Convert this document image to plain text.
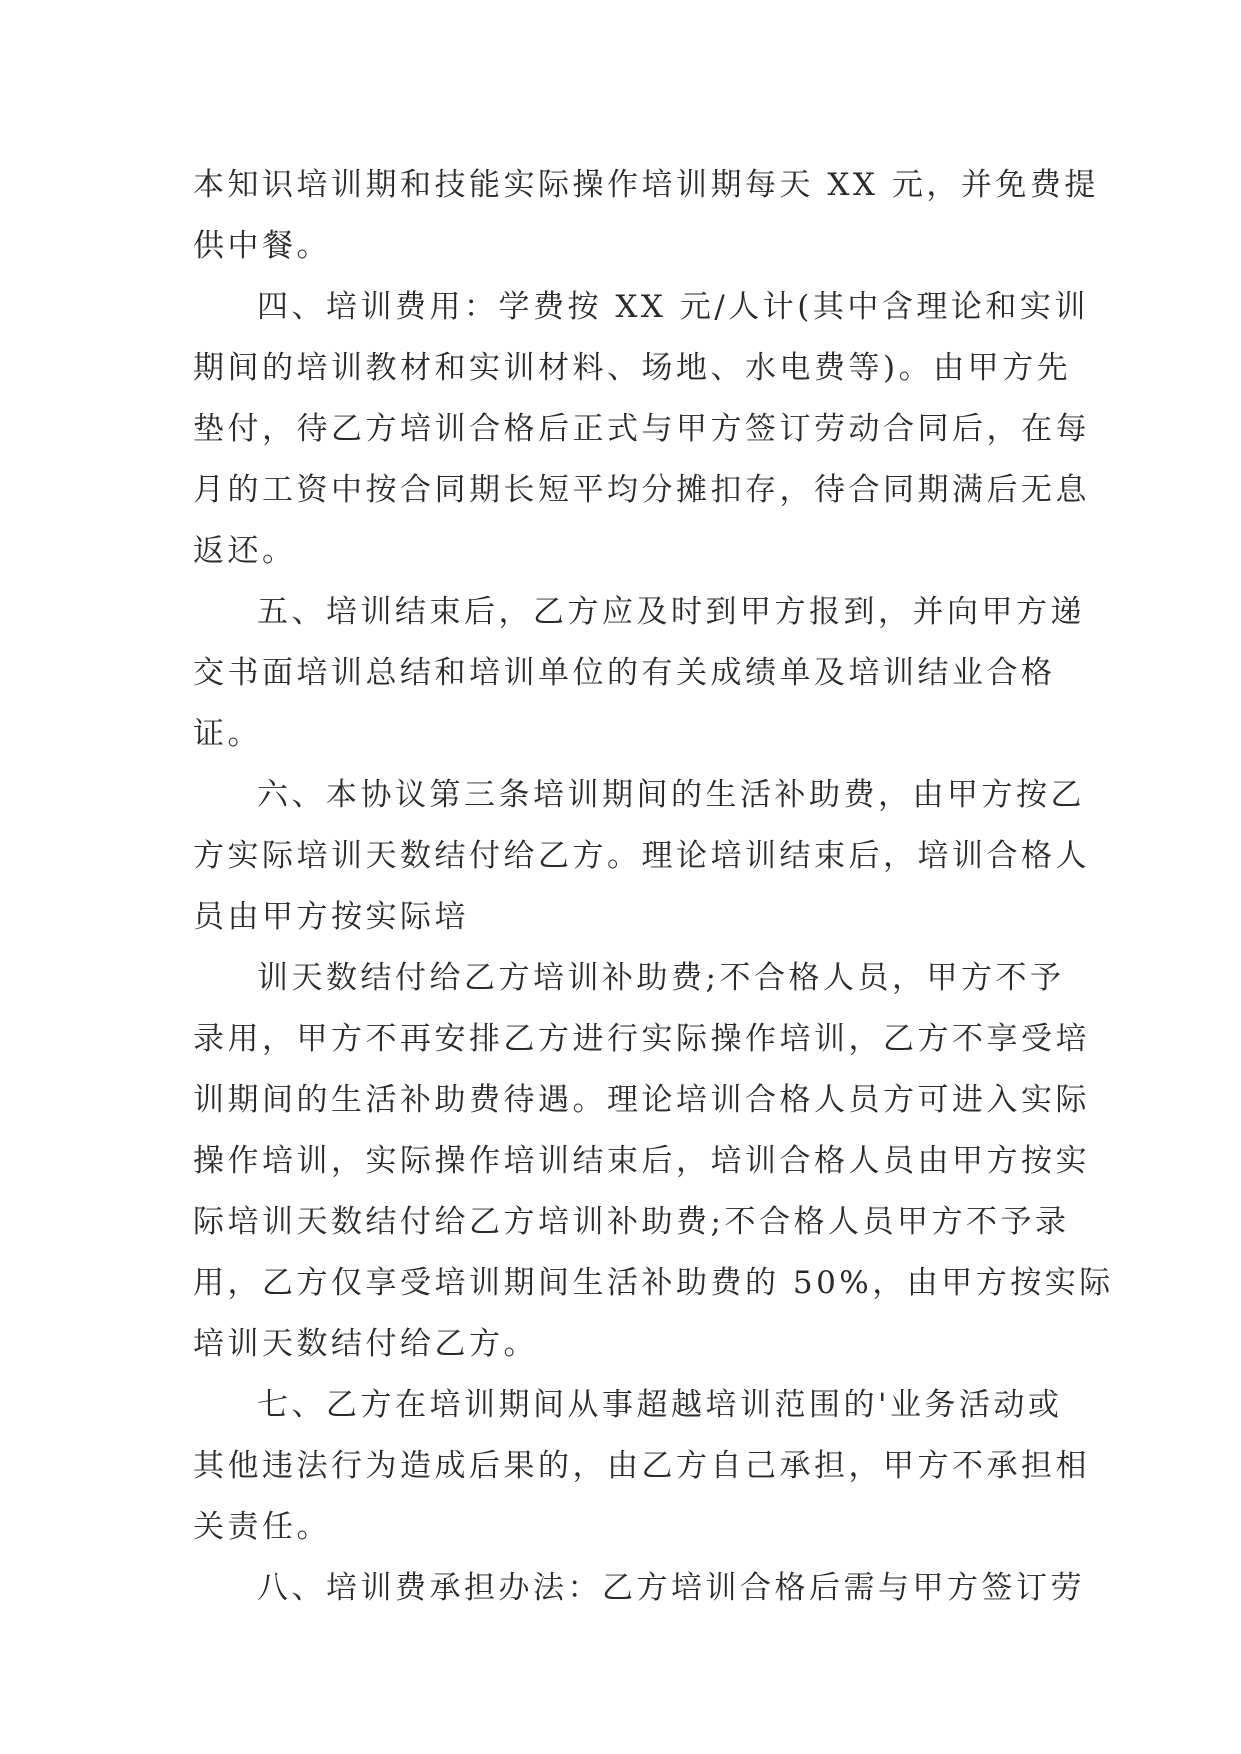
本知识培训期和技能实际操作培训期每天 XX 元，并免费提
供中餐。
四、培训费用：学费按 XX 元/人计(其中含理论和实训
期间的培训教材和实训材料、场地、水电费等)。由甲方先
垫付，待乙方培训合格后正式与甲方签订劳动合同后，在每
月的工资中按合同期长短平均分摊扣存，待合同期满后无息
返还。
五、培训结束后，乙方应及时到甲方报到，并向甲方递
交书面培训总结和培训单位的有关成绩单及培训结业合格
证。
六、本协议第三条培训期间的生活补助费，由甲方按乙
方实际培训天数结付给乙方。理论培训结束后，培训合格人
员由甲方按实际培
训天数结付给乙方培训补助费;不合格人员，甲方不予
录用，甲方不再安排乙方进行实际操作培训，乙方不享受培
训期间的生活补助费待遇。理论培训合格人员方可进入实际
操作培训，实际操作培训结束后，培训合格人员由甲方按实
际培训天数结付给乙方培训补助费;不合格人员甲方不予录
用，乙方仅享受培训期间生活补助费的 50%，由甲方按实际
培训天数结付给乙方。
七、乙方在培训期间从事超越培训范围的'业务活动或
其他违法行为造成后果的，由乙方自己承担，甲方不承担相
关责任。
八、培训费承担办法：乙方培训合格后需与甲方签订劳
